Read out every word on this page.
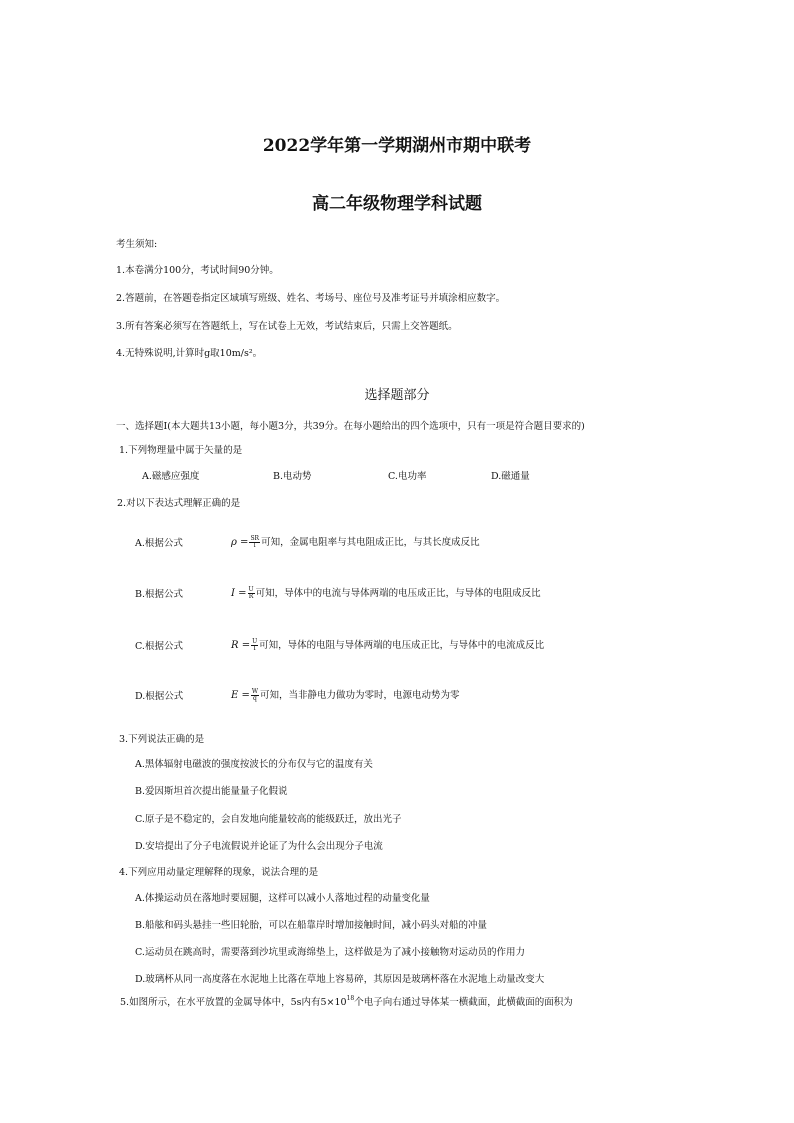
2022学年第一学期湖州市期中联考
高二年级物理学科试题
考生须知:
1.本卷满分100分，考试时间90分钟。
2.答题前，在答题卷指定区域填写班级、姓名、考场号、座位号及准考证号并填涂相应数字。
3.所有答案必须写在答题纸上，写在试卷上无效，考试结束后，只需上交答题纸。
4.无特殊说明,计算时g取10m/s²。
选择题部分
一、选择题Ⅰ(本大题共13小题，每小题3分，共39分。在每小题给出的四个选项中，只有一项是符合题目要求的)
1.下列物理量中属于矢量的是
A.磁感应强度	B.电动势	C.电功率	D.磁通量
2.对以下表达式理解正确的是
A.根据公式	$\rho = \frac{SR}{l}$ 可知，金属电阻率与其电阻成正比，与其长度成反比
B.根据公式	$I = \frac{U}{R}$ 可知，导体中的电流与导体两端的电压成正比，与导体的电阻成反比
C.根据公式	$R = \frac{U}{I}$ 可知，导体的电阻与导体两端的电压成正比，与导体中的电流成反比
D.根据公式	$E = \frac{W}{q}$ 可知，当非静电力做功为零时，电源电动势为零
3.下列说法正确的是
A.黑体辐射电磁波的强度按波长的分布仅与它的温度有关
B.爱因斯坦首次提出能量量子化假说
C.原子是不稳定的，会自发地向能量较高的能级跃迁，放出光子
D.安培提出了分子电流假说并论证了为什么会出现分子电流
4.下列应用动量定理解释的现象，说法合理的是
A.体操运动员在落地时要屈腿，这样可以减小人落地过程的动量变化量
B.船舷和码头悬挂一些旧轮胎，可以在船靠岸时增加接触时间，减小码头对船的冲量
C.运动员在跳高时，需要落到沙坑里或海绵垫上，这样做是为了减小接触物对运动员的作用力
D.玻璃杯从同一高度落在水泥地上比落在草地上容易碎，其原因是玻璃杯落在水泥地上动量改变大
5.如图所示，在水平放置的金属导体中，5s内有$5\times 10^{18}$个电子向右通过导体某一横截面，此横截面的面积为
